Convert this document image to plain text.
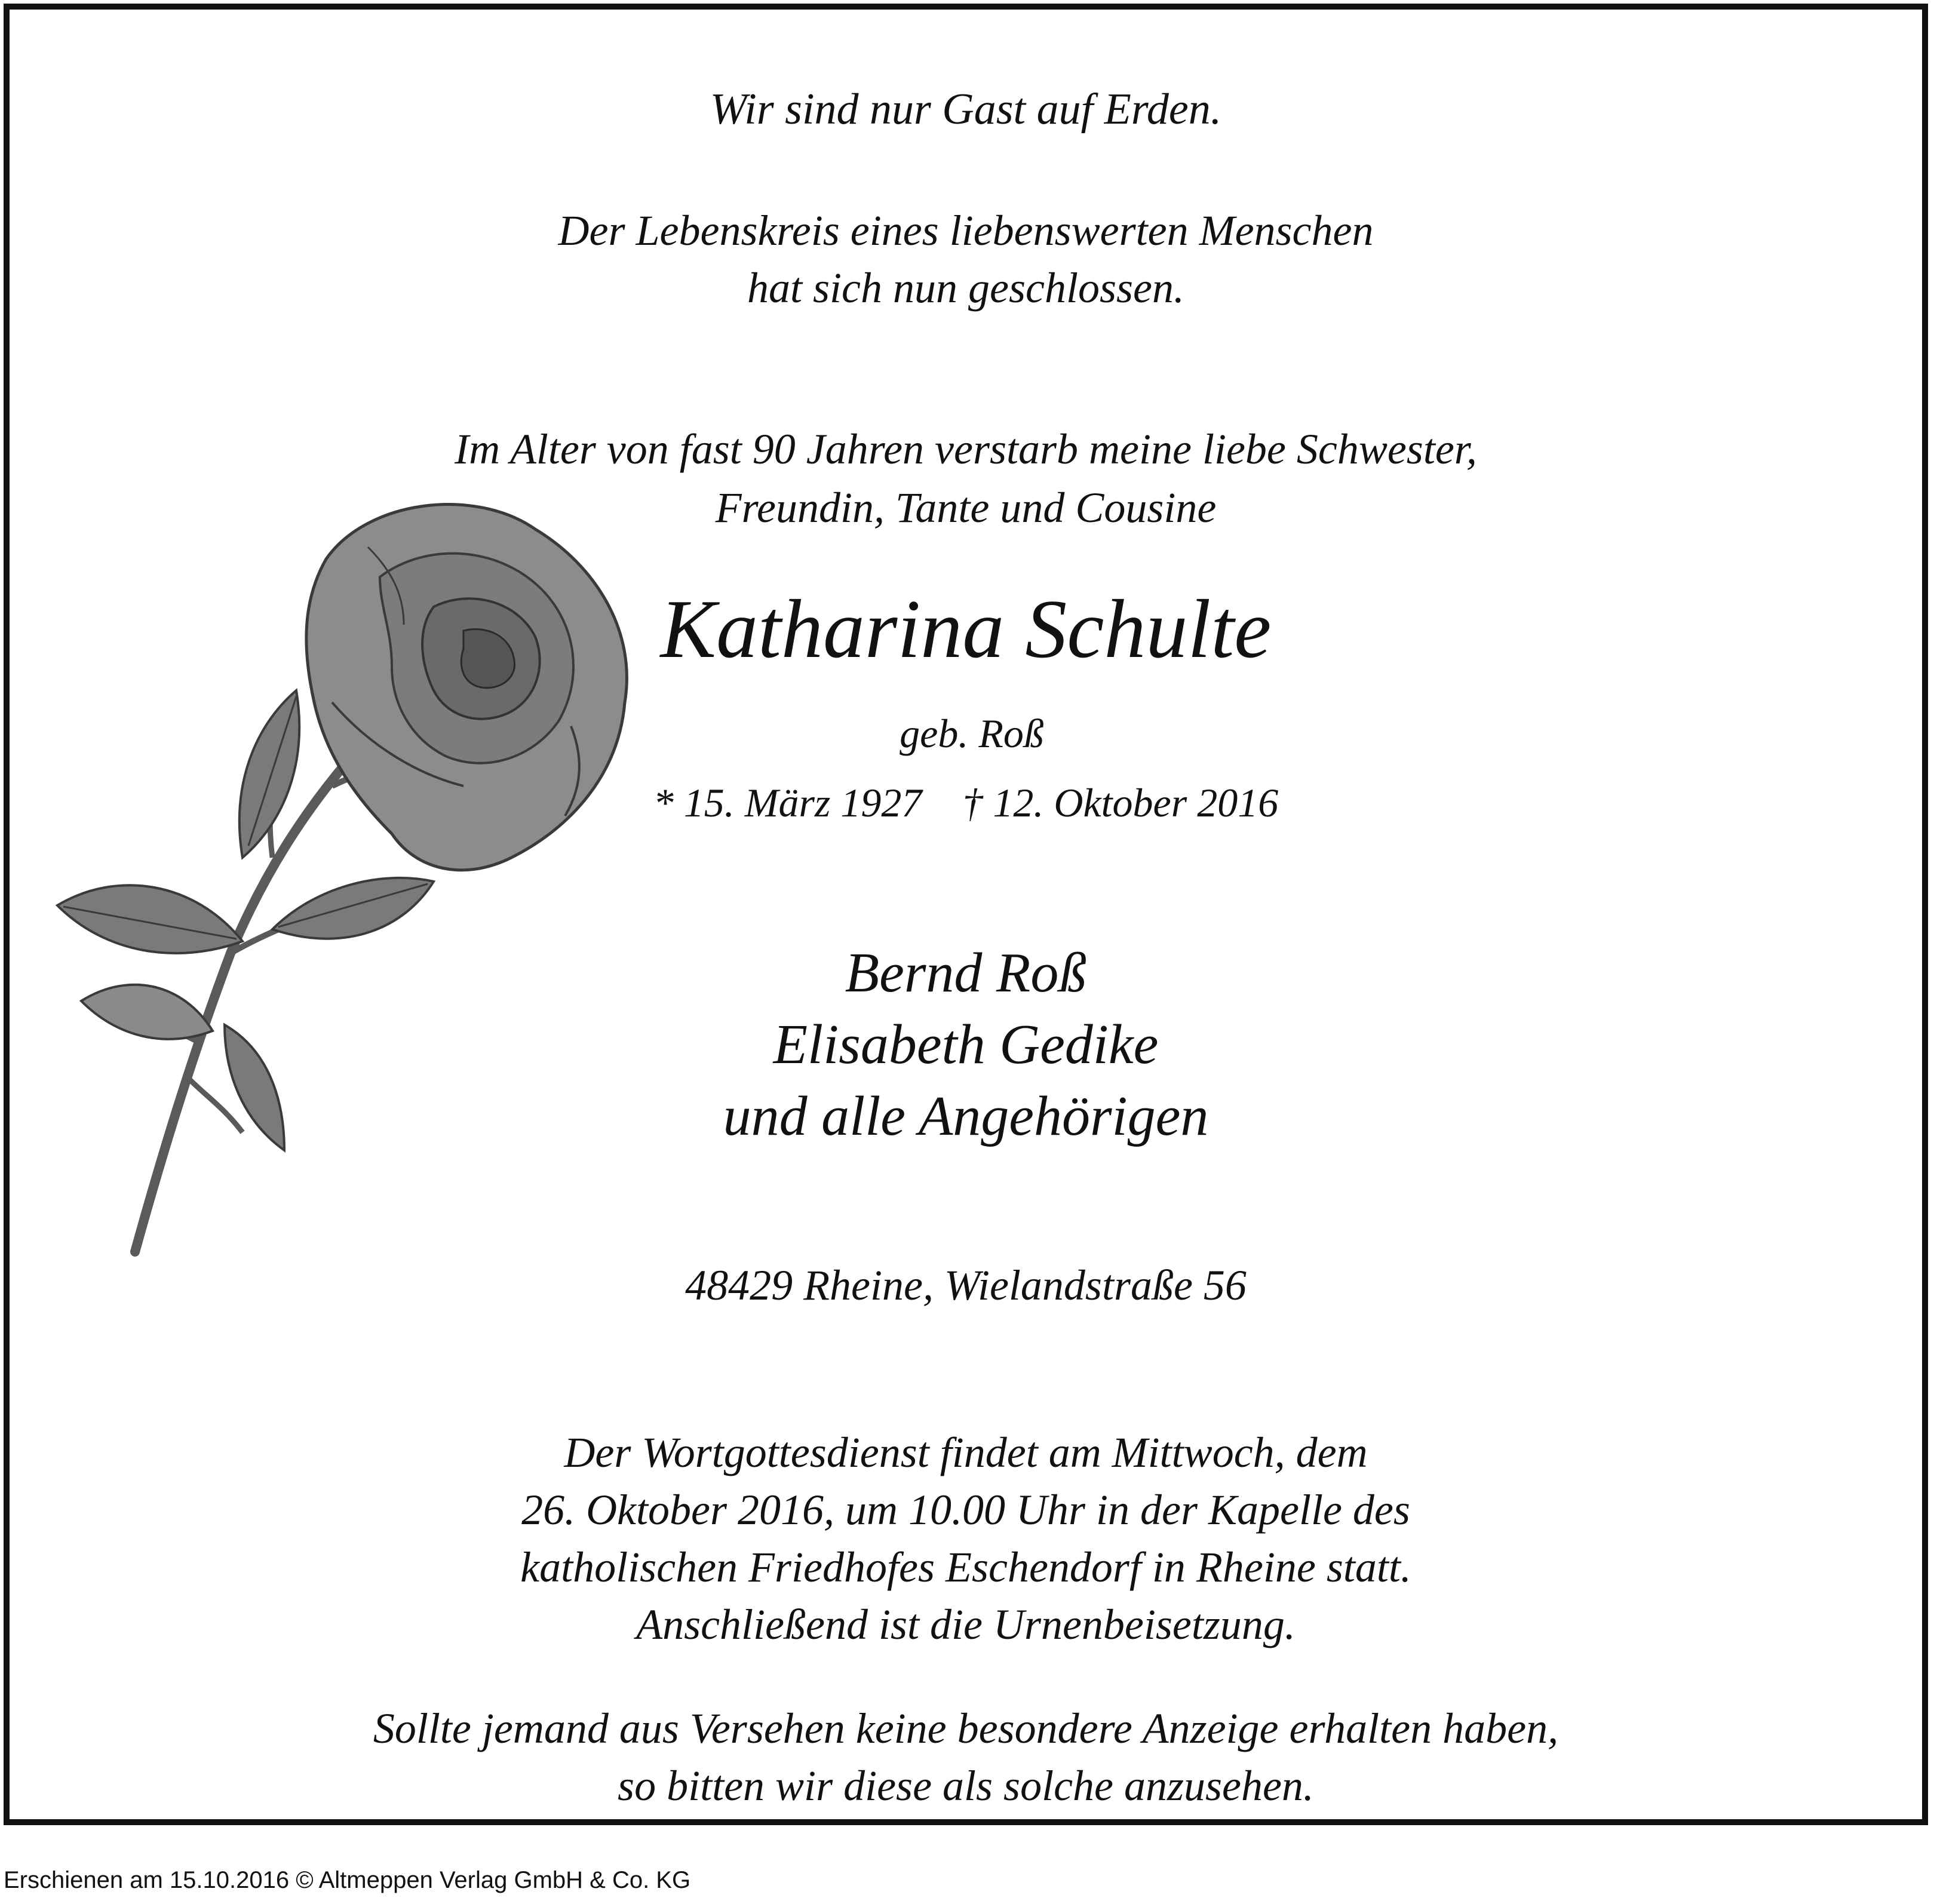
Wir sind nur Gast auf Erden.
Der Lebenskreis eines liebenswerten Menschen
hat sich nun geschlossen.
Im Alter von fast 90 Jahren verstarb meine liebe Schwester,
Freundin, Tante und Cousine
Katharina Schulte
geb. Roß
* 15. März 1927 † 12. Oktober 2016
Bernd Roß
Elisabeth Gedike
und alle Angehörigen
48429 Rheine, Wielandstraße 56
Der Wortgottesdienst findet am Mittwoch, dem
26. Oktober 2016, um 10.00 Uhr in der Kapelle des
katholischen Friedhofes Eschendorf in Rheine statt.
Anschließend ist die Urnenbeisetzung.
Sollte jemand aus Versehen keine besondere Anzeige erhalten haben,
so bitten wir diese als solche anzusehen.
Erschienen am 15.10.2016 © Altmeppen Verlag GmbH & Co. KG
